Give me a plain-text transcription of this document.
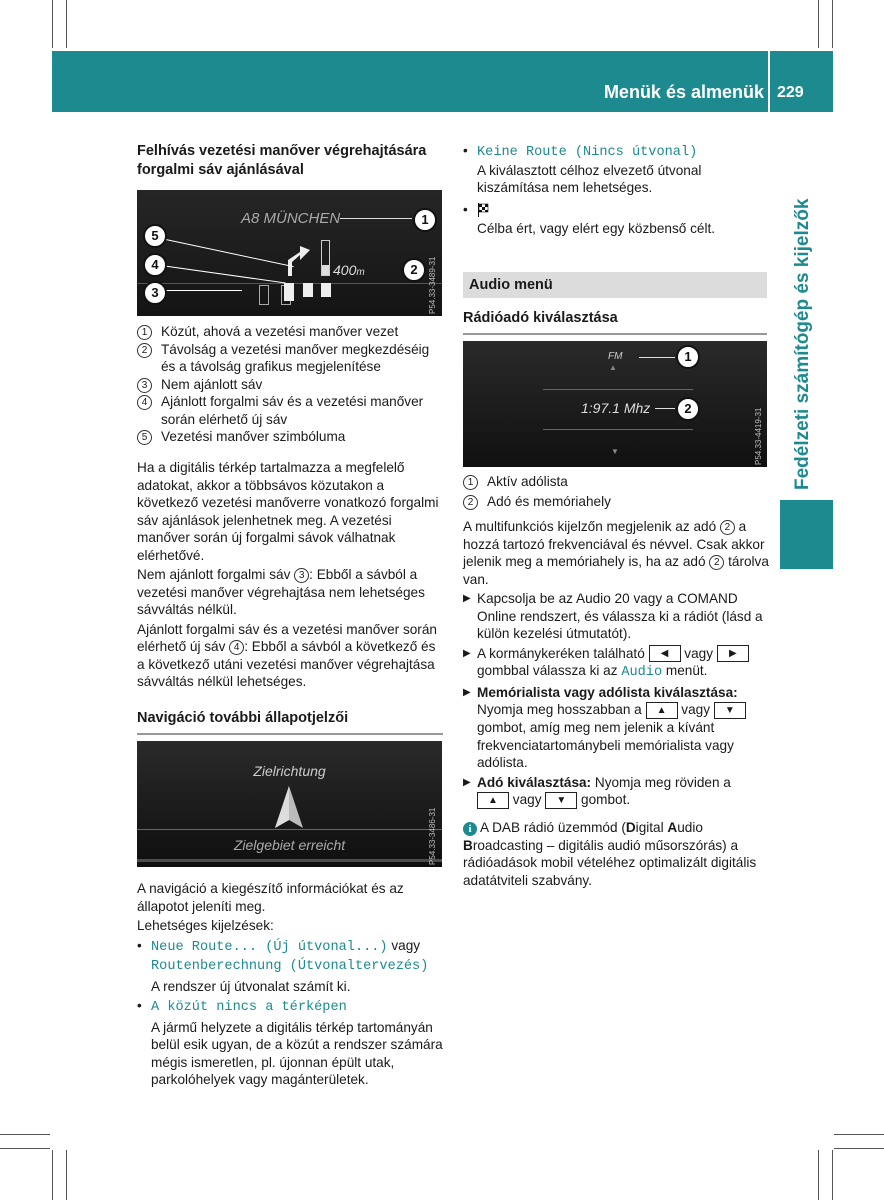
Menük és almenük 229
Fedélzeti számítógép és kijelzők

Felhívás vezetési manőver végrehajtására forgalmi sáv ajánlásával

A8 MÜNCHEN
400m
1
2
3
4
5
P54.33-3489-31
1	Közút, ahová a vezetési manőver vezet
2	Távolság a vezetési manőver megkezdéséig és a távolság grafikus megjelenítése
3	Nem ajánlott sáv
4	Ajánlott forgalmi sáv és a vezetési manőver során elérhető új sáv
5	Vezetési manőver szimbóluma

Ha a digitális térkép tartalmazza a megfelelő adatokat, akkor a többsávos közutakon a következő vezetési manőverre vonatkozó forgalmi sáv ajánlások jelenhetnek meg. A vezetési manőver során új forgalmi sávok válhatnak elérhetővé.

Nem ajánlott forgalmi sáv 3 : Ebből a sávból a vezetési manőver végrehajtása nem lehetséges sávváltás nélkül.

Ajánlott forgalmi sáv és a vezetési manőver során elérhető új sáv 4 : Ebből a sávból a következő és a következő utáni vezetési manőver végrehajtása sávváltás nélkül lehetséges.

Navigáció további állapotjelzői

Zielrichtung
Zielgebiet erreicht	P54.33-3486-31

A navigáció a kiegészítő információkat és az állapotot jeleníti meg.

Lehetséges kijelzések:

• Neue Route... (Új útvonal...) vagy Routenberechnung (Útvonaltervezés)

A rendszer új útvonalat számít ki.

• A közút nincs a térképen

A jármű helyzete a digitális térkép tartományán belül esik ugyan, de a közút a rendszer számára mégis ismeretlen, pl. újonnan épült utak, parkolóhelyek vagy magánterületek.

• Keine Route (Nincs útvonal)

A kiválasztott célhoz elvezető útvonal kiszámítása nem lehetséges.

•

Célba ért, vagy elért egy közbenső célt.

Audio menü

Rádióadó kiválasztása

FM
▲
1:97.1 Mhz
▼
1
2	P54.33-4419-31
1	Aktív adólista
2	Adó és memóriahely

A multifunkciós kijelzőn megjelenik az adó 2 a hozzá tartozó frekvenciával és névvel. Csak akkor jelenik meg a memóriahely is, ha az adó 2 tárolva van.

▶ Kapcsolja be az Audio 20 vagy a COMAND Online rendszert, és válassza ki a rádiót (lásd a külön kezelési útmutatót).

▶ A kormánykeréken található ◀ vagy ▶
gombbal válassza ki az Audio menüt.

▶ Memórialista vagy adólista kiválasztása:
Nyomja meg hosszabban a ▲ vagy ▼
gombot, amíg meg nem jelenik a kívánt frekvenciatartománybeli memórialista vagy adólista.

▶ Adó kiválasztása: Nyomja meg röviden a
▲ vagy ▼ gombot.

i A DAB rádió üzemmód (Digital Audio Broadcasting – digitális audió műsorszórás) a rádióadások mobil vételéhez optimalizált digitális adatátviteli szabvány.
